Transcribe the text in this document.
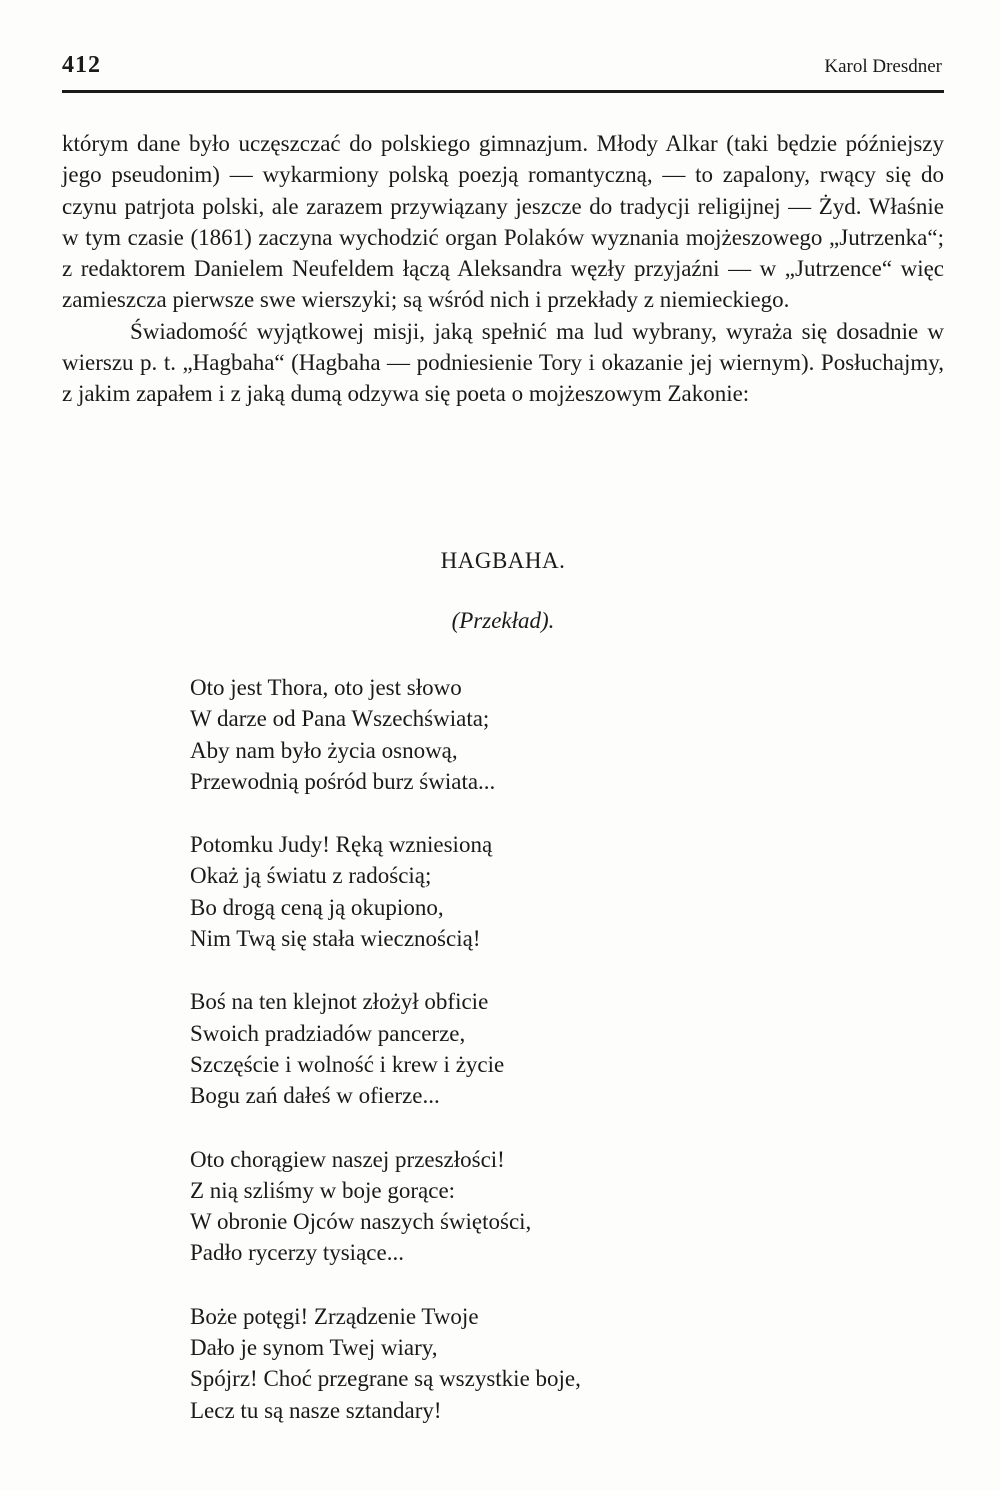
412	Karol Dresdner

którym dane było uczęszczać do polskiego gimnazjum. Młody Alkar (taki będzie późniejszy jego pseudonim) — wykarmiony polską poezją romantyczną, — to zapalony, rwący się do czynu patrjota polski, ale zarazem przywiązany jeszcze do tradycji religijnej — Żyd. Właśnie w tym czasie (1861) zaczyna wychodzić organ Polaków wyznania mojżeszowego „Jutrzenka“; z redaktorem Danielem Neufeldem łączą Aleksandra węzły przyjaźni — w „Jutrzence“ więc zamieszcza pierwsze swe wierszyki; są wśród nich i przekłady z niemieckiego.

Świadomość wyjątkowej misji, jaką spełnić ma lud wybrany, wyraża się dosadnie w wierszu p. t. „Hagbaha“ (Hagbaha — podniesienie Tory i okazanie jej wiernym). Posłuchajmy, z jakim zapałem i z jaką dumą odzywa się poeta o mojżeszowym Zakonie:

HAGBAHA.
(Przekład).
Oto jest Thora, oto jest słowo
W darze od Pana Wszechświata;
Aby nam było życia osnową,
Przewodnią pośród burz świata...
Potomku Judy! Ręką wzniesioną
Okaż ją światu z radością;
Bo drogą ceną ją okupiono,
Nim Twą się stała wiecznością!
Boś na ten klejnot złożył obficie
Swoich pradziadów pancerze,
Szczęście i wolność i krew i życie
Bogu zań dałeś w ofierze...
Oto chorągiew naszej przeszłości!
Z nią szliśmy w boje gorące:
W obronie Ojców naszych świętości,
Padło rycerzy tysiące...
Boże potęgi! Zrządzenie Twoje
Dało je synom Twej wiary,
Spójrz! Choć przegrane są wszystkie boje,
Lecz tu są nasze sztandary!
